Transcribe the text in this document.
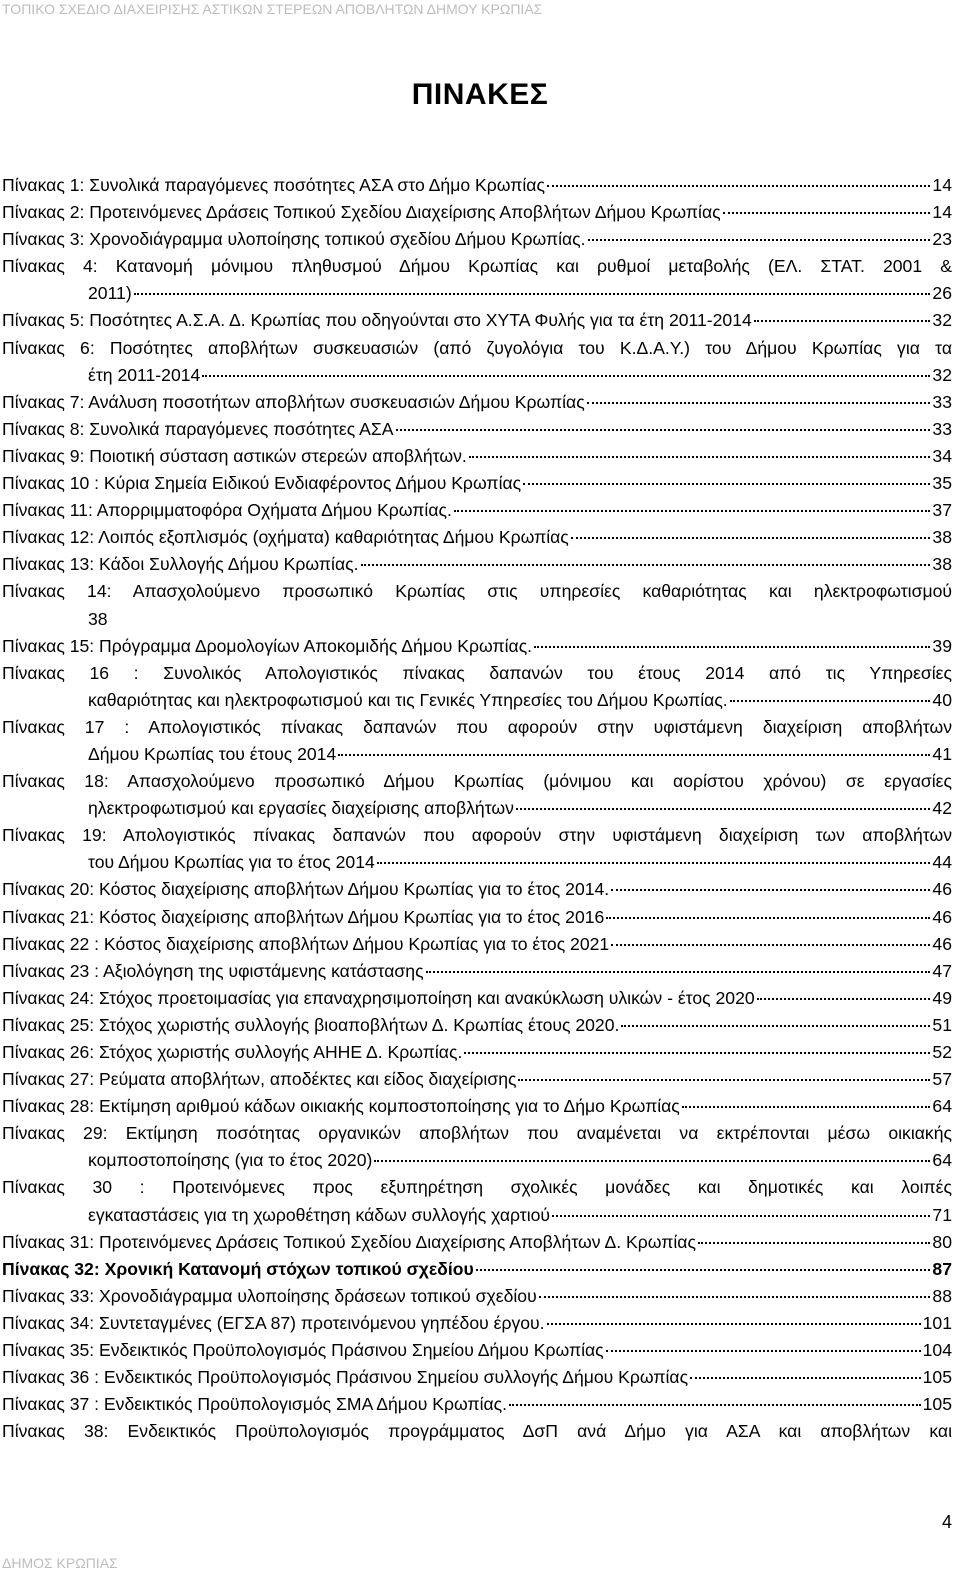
ΤΟΠΙΚΟ ΣΧΕΔΙΟ ΔΙΑΧΕΙΡΙΣΗΣ ΑΣΤΙΚΩΝ ΣΤΕΡΕΩΝ ΑΠΟΒΛΗΤΩΝ ΔΗΜΟΥ ΚΡΩΠΙΑΣ
ΠΙΝΑΚΕΣ
Πίνακας 1: Συνολικά παραγόμενες ποσότητες ΑΣΑ στο Δήμο Κρωπίας	14
Πίνακας 2: Προτεινόμενες Δράσεις Τοπικού Σχεδίου Διαχείρισης Αποβλήτων Δήμου Κρωπίας	14
Πίνακας 3: Χρονοδιάγραμμα υλοποίησης τοπικού σχεδίου Δήμου Κρωπίας.	23
Πίνακας 4: Κατανομή μόνιμου πληθυσμού Δήμου Κρωπίας και ρυθμοί μεταβολής (ΕΛ. ΣΤΑΤ. 2001 &
2011)	26
Πίνακας 5: Ποσότητες Α.Σ.Α. Δ. Κρωπίας που οδηγούνται στο ΧΥΤΑ Φυλής για τα έτη 2011-2014	32
Πίνακας 6: Ποσότητες αποβλήτων συσκευασιών (από ζυγολόγια του Κ.Δ.Α.Υ.) του Δήμου Κρωπίας για τα
έτη 2011-2014	32
Πίνακας 7: Ανάλυση ποσοτήτων αποβλήτων συσκευασιών Δήμου Κρωπίας	33
Πίνακας 8: Συνολικά παραγόμενες ποσότητες ΑΣΑ	33
Πίνακας 9: Ποιοτική σύσταση αστικών στερεών αποβλήτων.	34
Πίνακας 10 : Κύρια Σημεία Ειδικού Ενδιαφέροντος Δήμου Κρωπίας	35
Πίνακας 11: Απορριμματοφόρα Οχήματα Δήμου Κρωπίας.	37
Πίνακας 12: Λοιπός εξοπλισμός (οχήματα) καθαριότητας Δήμου Κρωπίας	38
Πίνακας 13: Κάδοι Συλλογής Δήμου Κρωπίας.	38
Πίνακας 14: Απασχολούμενο προσωπικό Κρωπίας στις υπηρεσίες καθαριότητας και ηλεκτροφωτισμού
38
Πίνακας 15: Πρόγραμμα Δρομολογίων Αποκομιδής Δήμου Κρωπίας.	39
Πίνακας 16 : Συνολικός Απολογιστικός πίνακας δαπανών του έτους 2014 από τις Υπηρεσίες
καθαριότητας και ηλεκτροφωτισμού και τις Γενικές Υπηρεσίες του Δήμου Κρωπίας.	40
Πίνακας 17 : Απολογιστικός πίνακας δαπανών που αφορούν στην υφιστάμενη διαχείριση αποβλήτων
Δήμου Κρωπίας του έτους 2014	41
Πίνακας 18: Απασχολούμενο προσωπικό Δήμου Κρωπίας (μόνιμου και αορίστου χρόνου) σε εργασίες
ηλεκτροφωτισμού και εργασίες διαχείρισης αποβλήτων	42
Πίνακας 19: Απολογιστικός πίνακας δαπανών που αφορούν στην υφιστάμενη διαχείριση των αποβλήτων
του Δήμου Κρωπίας για το έτος 2014	44
Πίνακας 20: Κόστος διαχείρισης αποβλήτων Δήμου Κρωπίας για το έτος 2014.	46
Πίνακας 21: Κόστος διαχείρισης αποβλήτων Δήμου Κρωπίας για το έτος 2016	46
Πίνακας 22 : Κόστος διαχείρισης αποβλήτων Δήμου Κρωπίας για το έτος 2021	46
Πίνακας 23 : Αξιολόγηση της υφιστάμενης κατάστασης	47
Πίνακας 24: Στόχος προετοιμασίας για επαναχρησιμοποίηση και ανακύκλωση υλικών - έτος 2020	49
Πίνακας 25: Στόχος χωριστής συλλογής βιοαποβλήτων Δ. Κρωπίας έτους 2020.	51
Πίνακας 26: Στόχος χωριστής συλλογής ΑΗΗΕ Δ. Κρωπίας.	52
Πίνακας 27: Ρεύματα αποβλήτων, αποδέκτες και είδος διαχείρισης	57
Πίνακας 28: Εκτίμηση αριθμού κάδων οικιακής κομποστοποίησης για το Δήμο Κρωπίας	64
Πίνακας 29: Εκτίμηση ποσότητας οργανικών αποβλήτων που αναμένεται να εκτρέπονται μέσω οικιακής
κομποστοποίησης (για το έτος 2020)	64
Πίνακας 30 : Προτεινόμενες προς εξυπηρέτηση σχολικές μονάδες και δημοτικές και λοιπές
εγκαταστάσεις για τη χωροθέτηση κάδων συλλογής χαρτιού	71
Πίνακας 31: Προτεινόμενες Δράσεις Τοπικού Σχεδίου Διαχείρισης Αποβλήτων Δ. Κρωπίας	80
Πίνακας 32: Χρονική Κατανομή στόχων τοπικού σχεδίου	87
Πίνακας 33: Χρονοδιάγραμμα υλοποίησης δράσεων τοπικού σχεδίου	88
Πίνακας 34: Συντεταγμένες (ΕΓΣΑ 87) προτεινόμενου γηπέδου έργου.	101
Πίνακας 35: Ενδεικτικός Προϋπολογισμός Πράσινου Σημείου Δήμου Κρωπίας	104
Πίνακας 36 : Ενδεικτικός Προϋπολογισμός Πράσινου Σημείου συλλογής Δήμου Κρωπίας	105
Πίνακας 37 : Ενδεικτικός Προϋπολογισμός ΣΜΑ Δήμου Κρωπίας.	105
Πίνακας 38: Ενδεικτικός Προϋπολογισμός προγράμματος ΔσΠ ανά Δήμο για ΑΣΑ και αποβλήτων και
4
ΔΗΜΟΣ ΚΡΩΠΙΑΣ
